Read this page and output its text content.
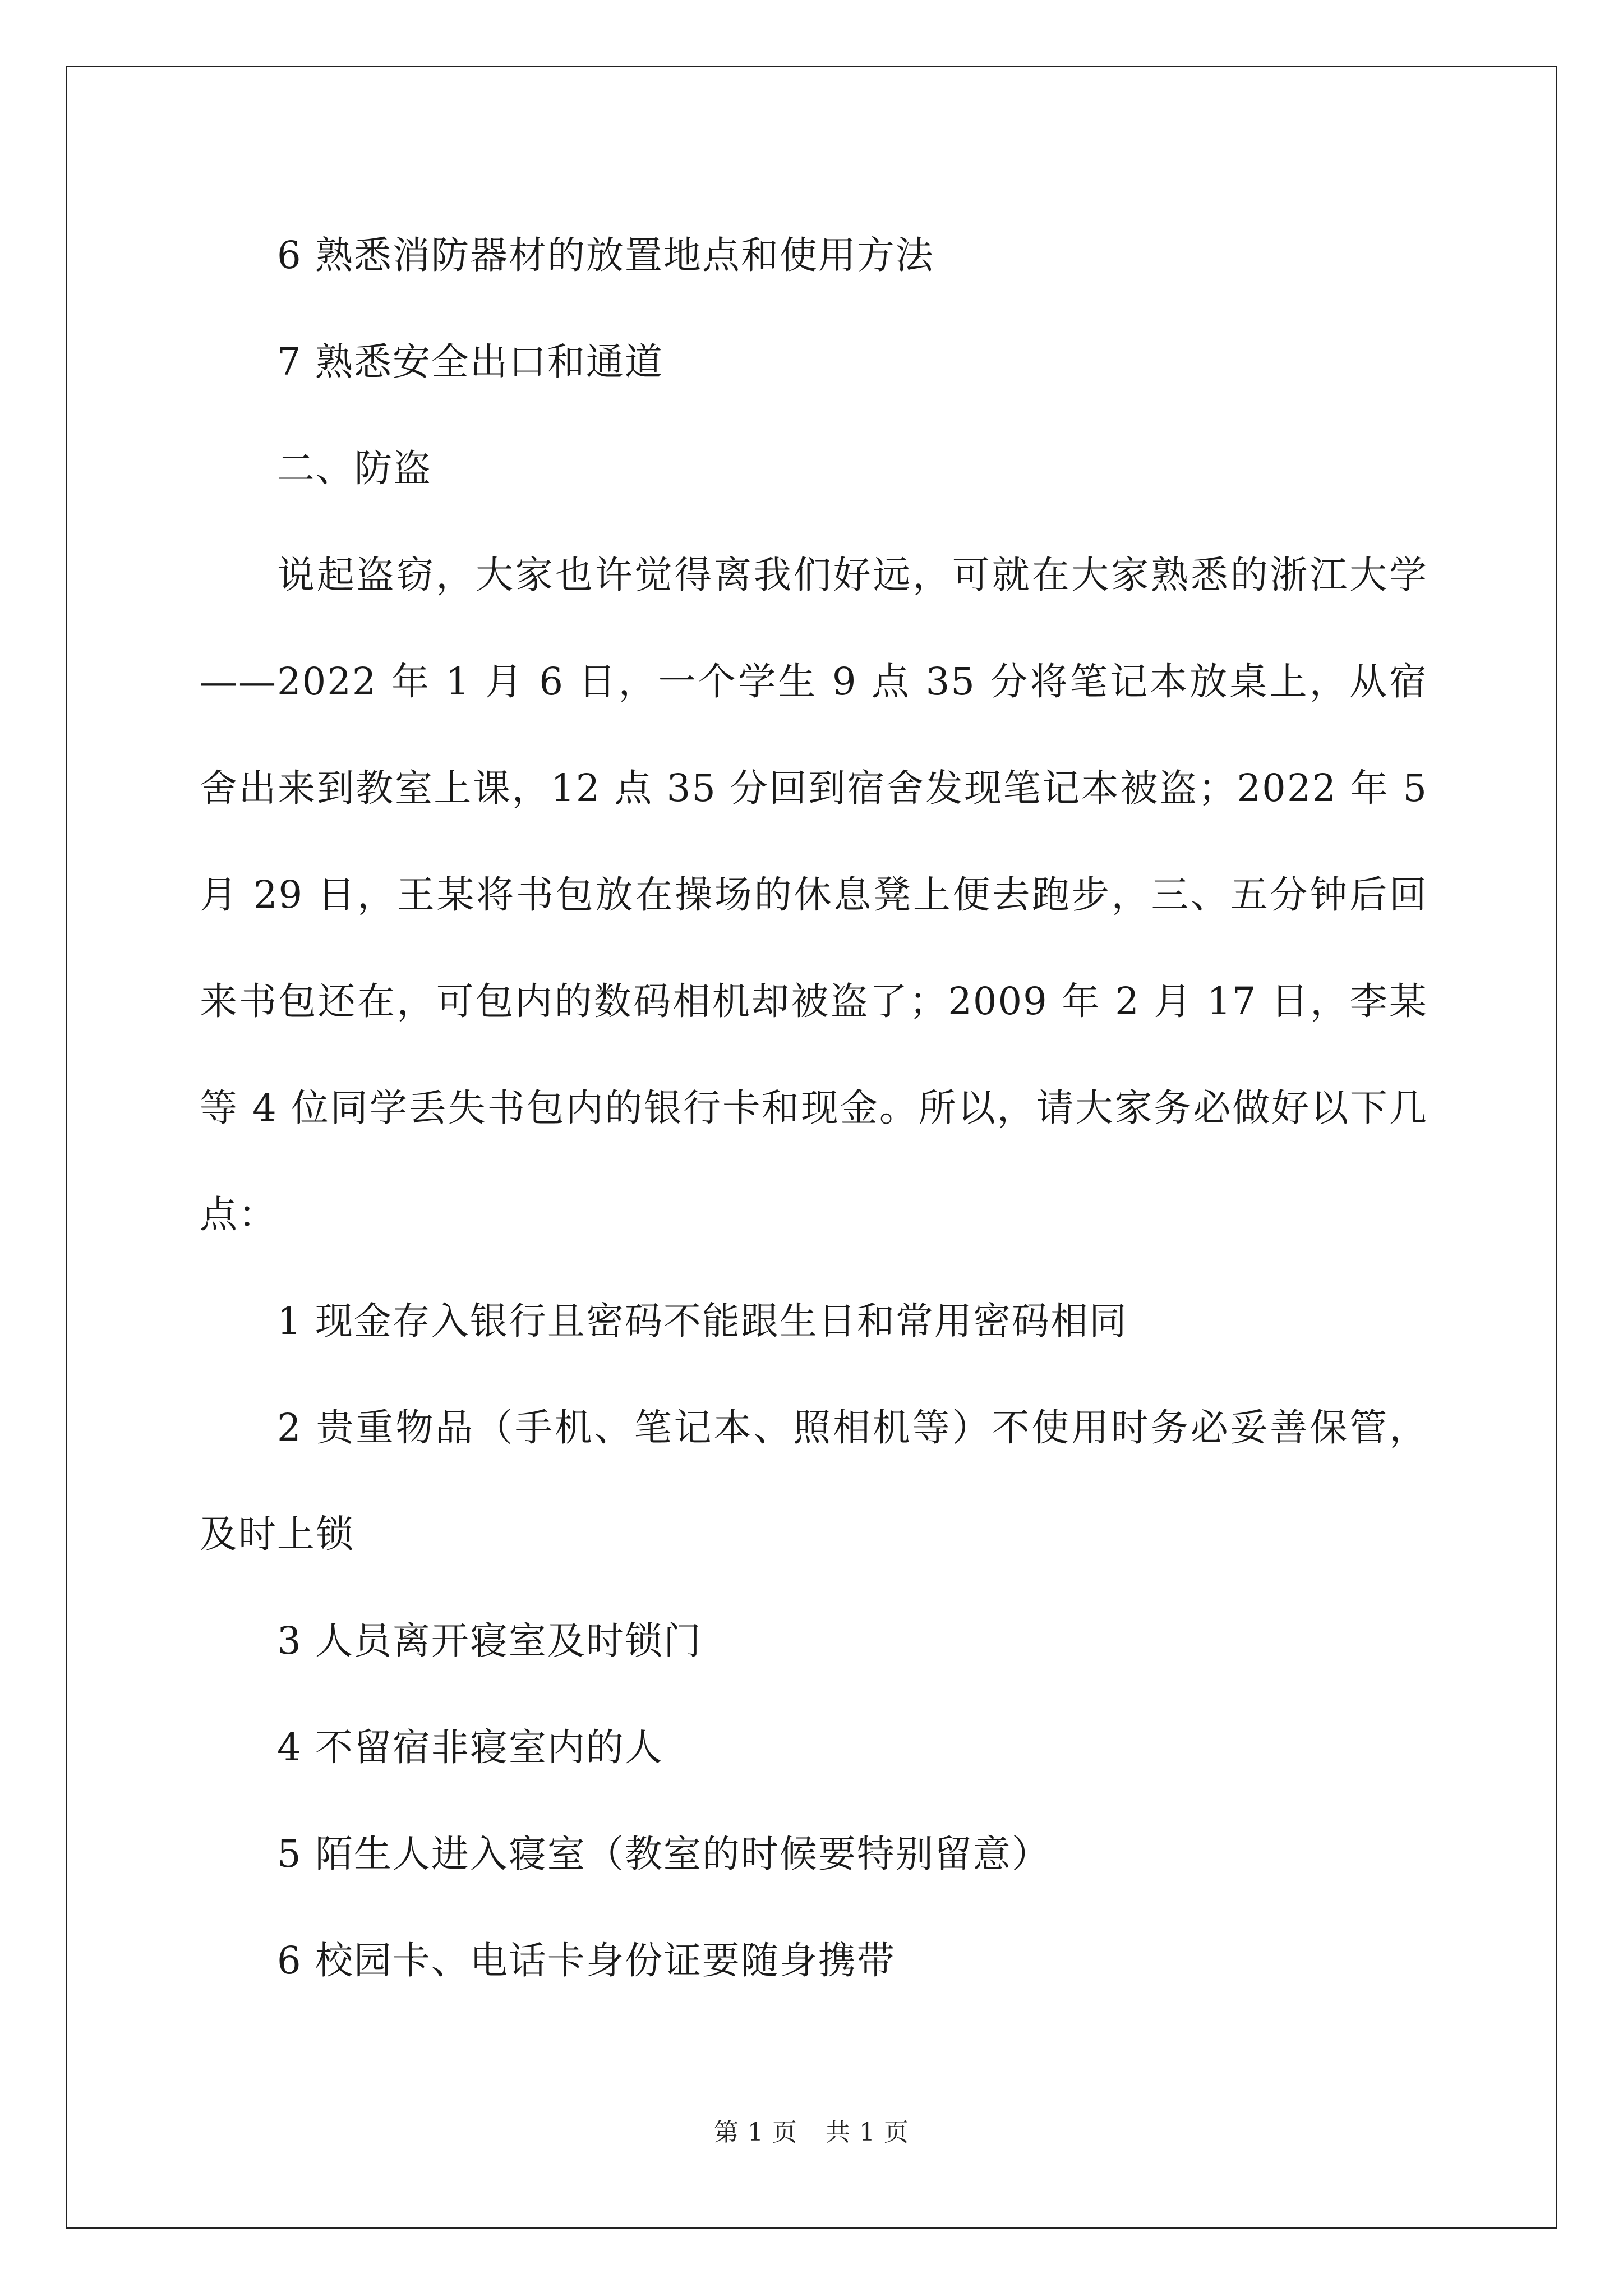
6 熟悉消防器材的放置地点和使用方法

7 熟悉安全出口和通道

二、防盗

说起盗窃，大家也许觉得离我们好远，可就在大家熟悉的浙江大学——2022 年 1 月 6 日，一个学生 9 点 35 分将笔记本放桌上，从宿舍出来到教室上课，12 点 35 分回到宿舍发现笔记本被盗；2022 年 5 月 29 日，王某将书包放在操场的休息凳上便去跑步，三、五分钟后回来书包还在，可包内的数码相机却被盗了；2009 年 2 月 17 日，李某等 4 位同学丢失书包内的银行卡和现金。所以，请大家务必做好以下几点：

1 现金存入银行且密码不能跟生日和常用密码相同

2 贵重物品（手机、笔记本、照相机等）不使用时务必妥善保管，及时上锁

3 人员离开寝室及时锁门

4 不留宿非寝室内的人

5 陌生人进入寝室（教室的时候要特别留意）

6 校园卡、电话卡身份证要随身携带

第 1 页 共 1 页
